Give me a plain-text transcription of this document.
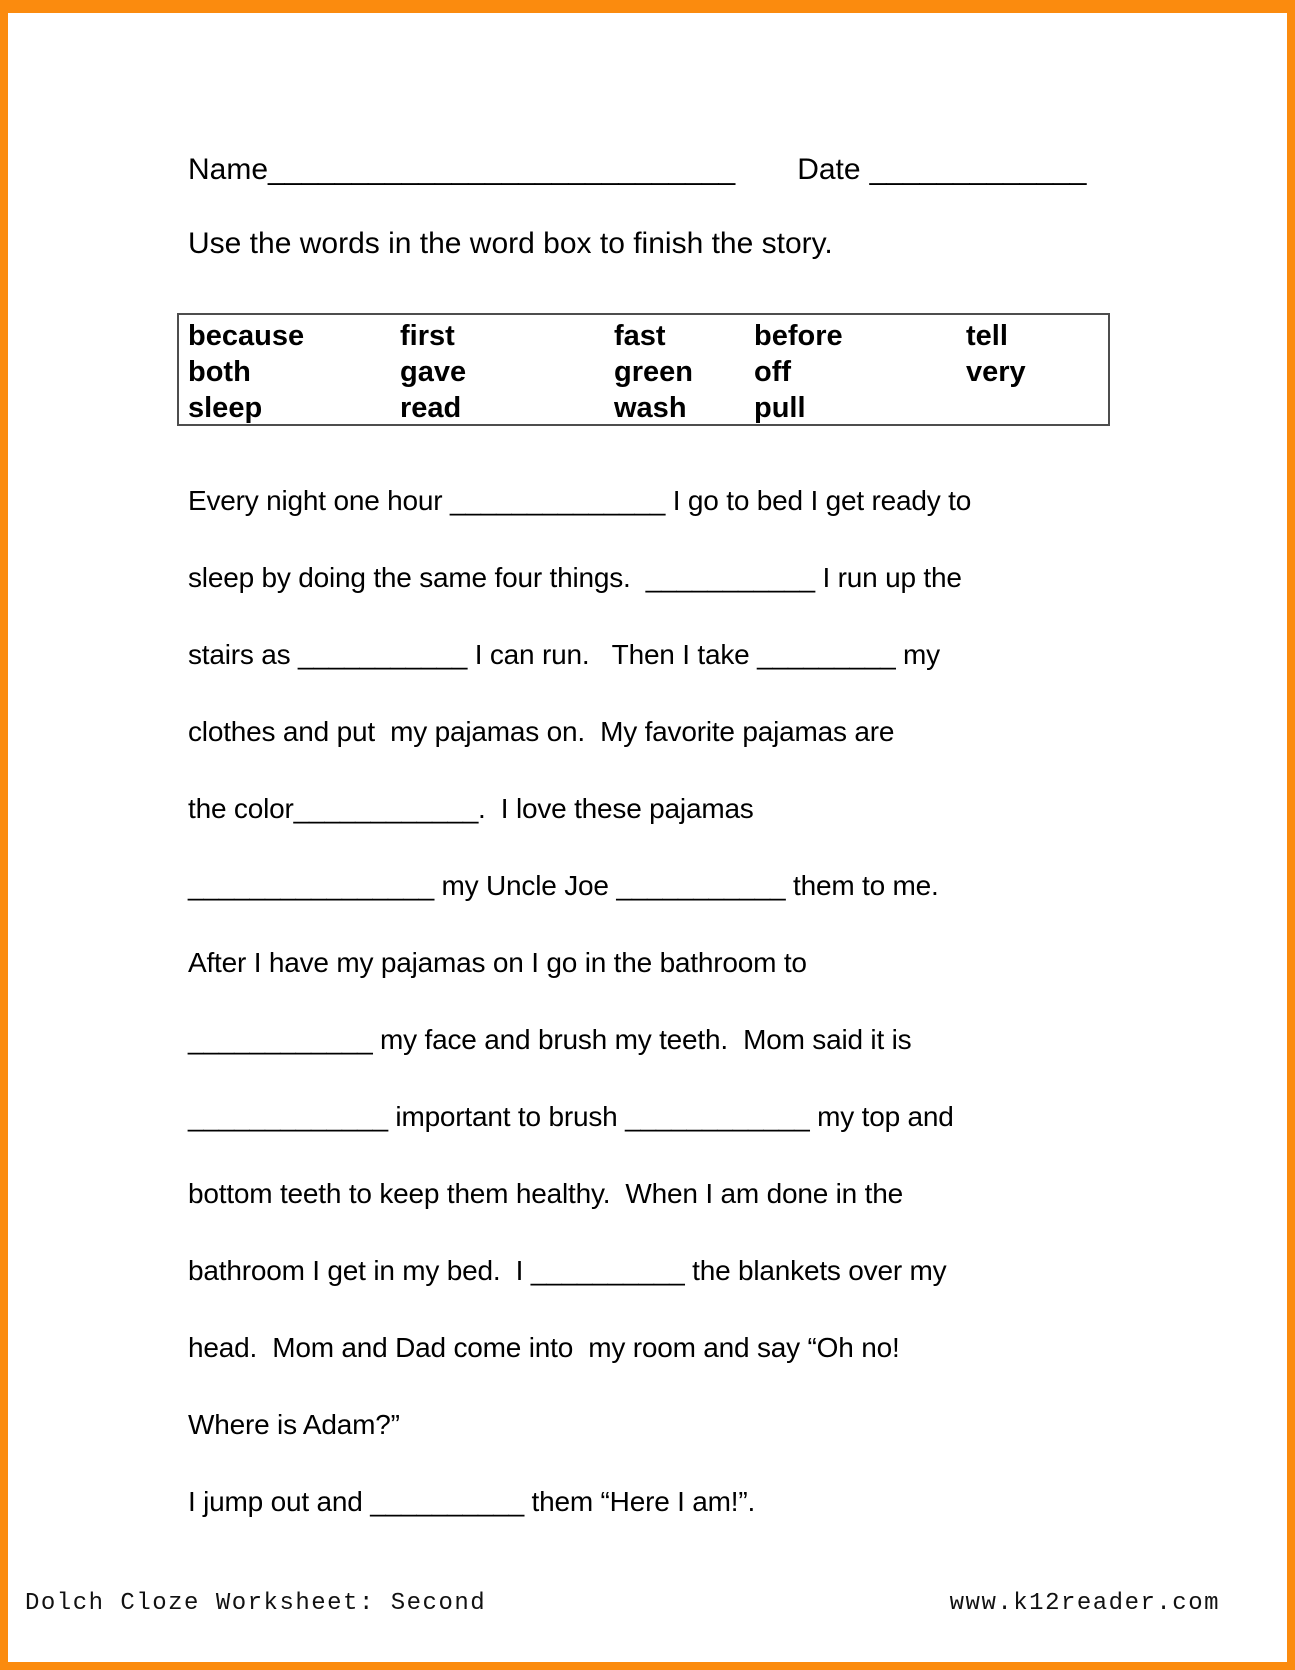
Name____________________________ Date _____________
Use the words in the word box to finish the story.
because	first	fast	before	tell
both	gave	green	off	very
sleep	read	wash	pull
Every night one hour ______________ I go to bed I get ready to
sleep by doing the same four things.  ___________ I run up the
stairs as ___________ I can run.   Then I take _________ my
clothes and put  my pajamas on.  My favorite pajamas are
the color____________.  I love these pajamas
________________ my Uncle Joe ___________ them to me.
After I have my pajamas on I go in the bathroom to
____________ my face and brush my teeth.  Mom said it is
_____________ important to brush ____________ my top and
bottom teeth to keep them healthy.  When I am done in the
bathroom I get in my bed.  I __________ the blankets over my
head.  Mom and Dad come into  my room and say “Oh no!
Where is Adam?”
I jump out and __________ them “Here I am!”.
Dolch Cloze Worksheet: Second	www.k12reader.com
